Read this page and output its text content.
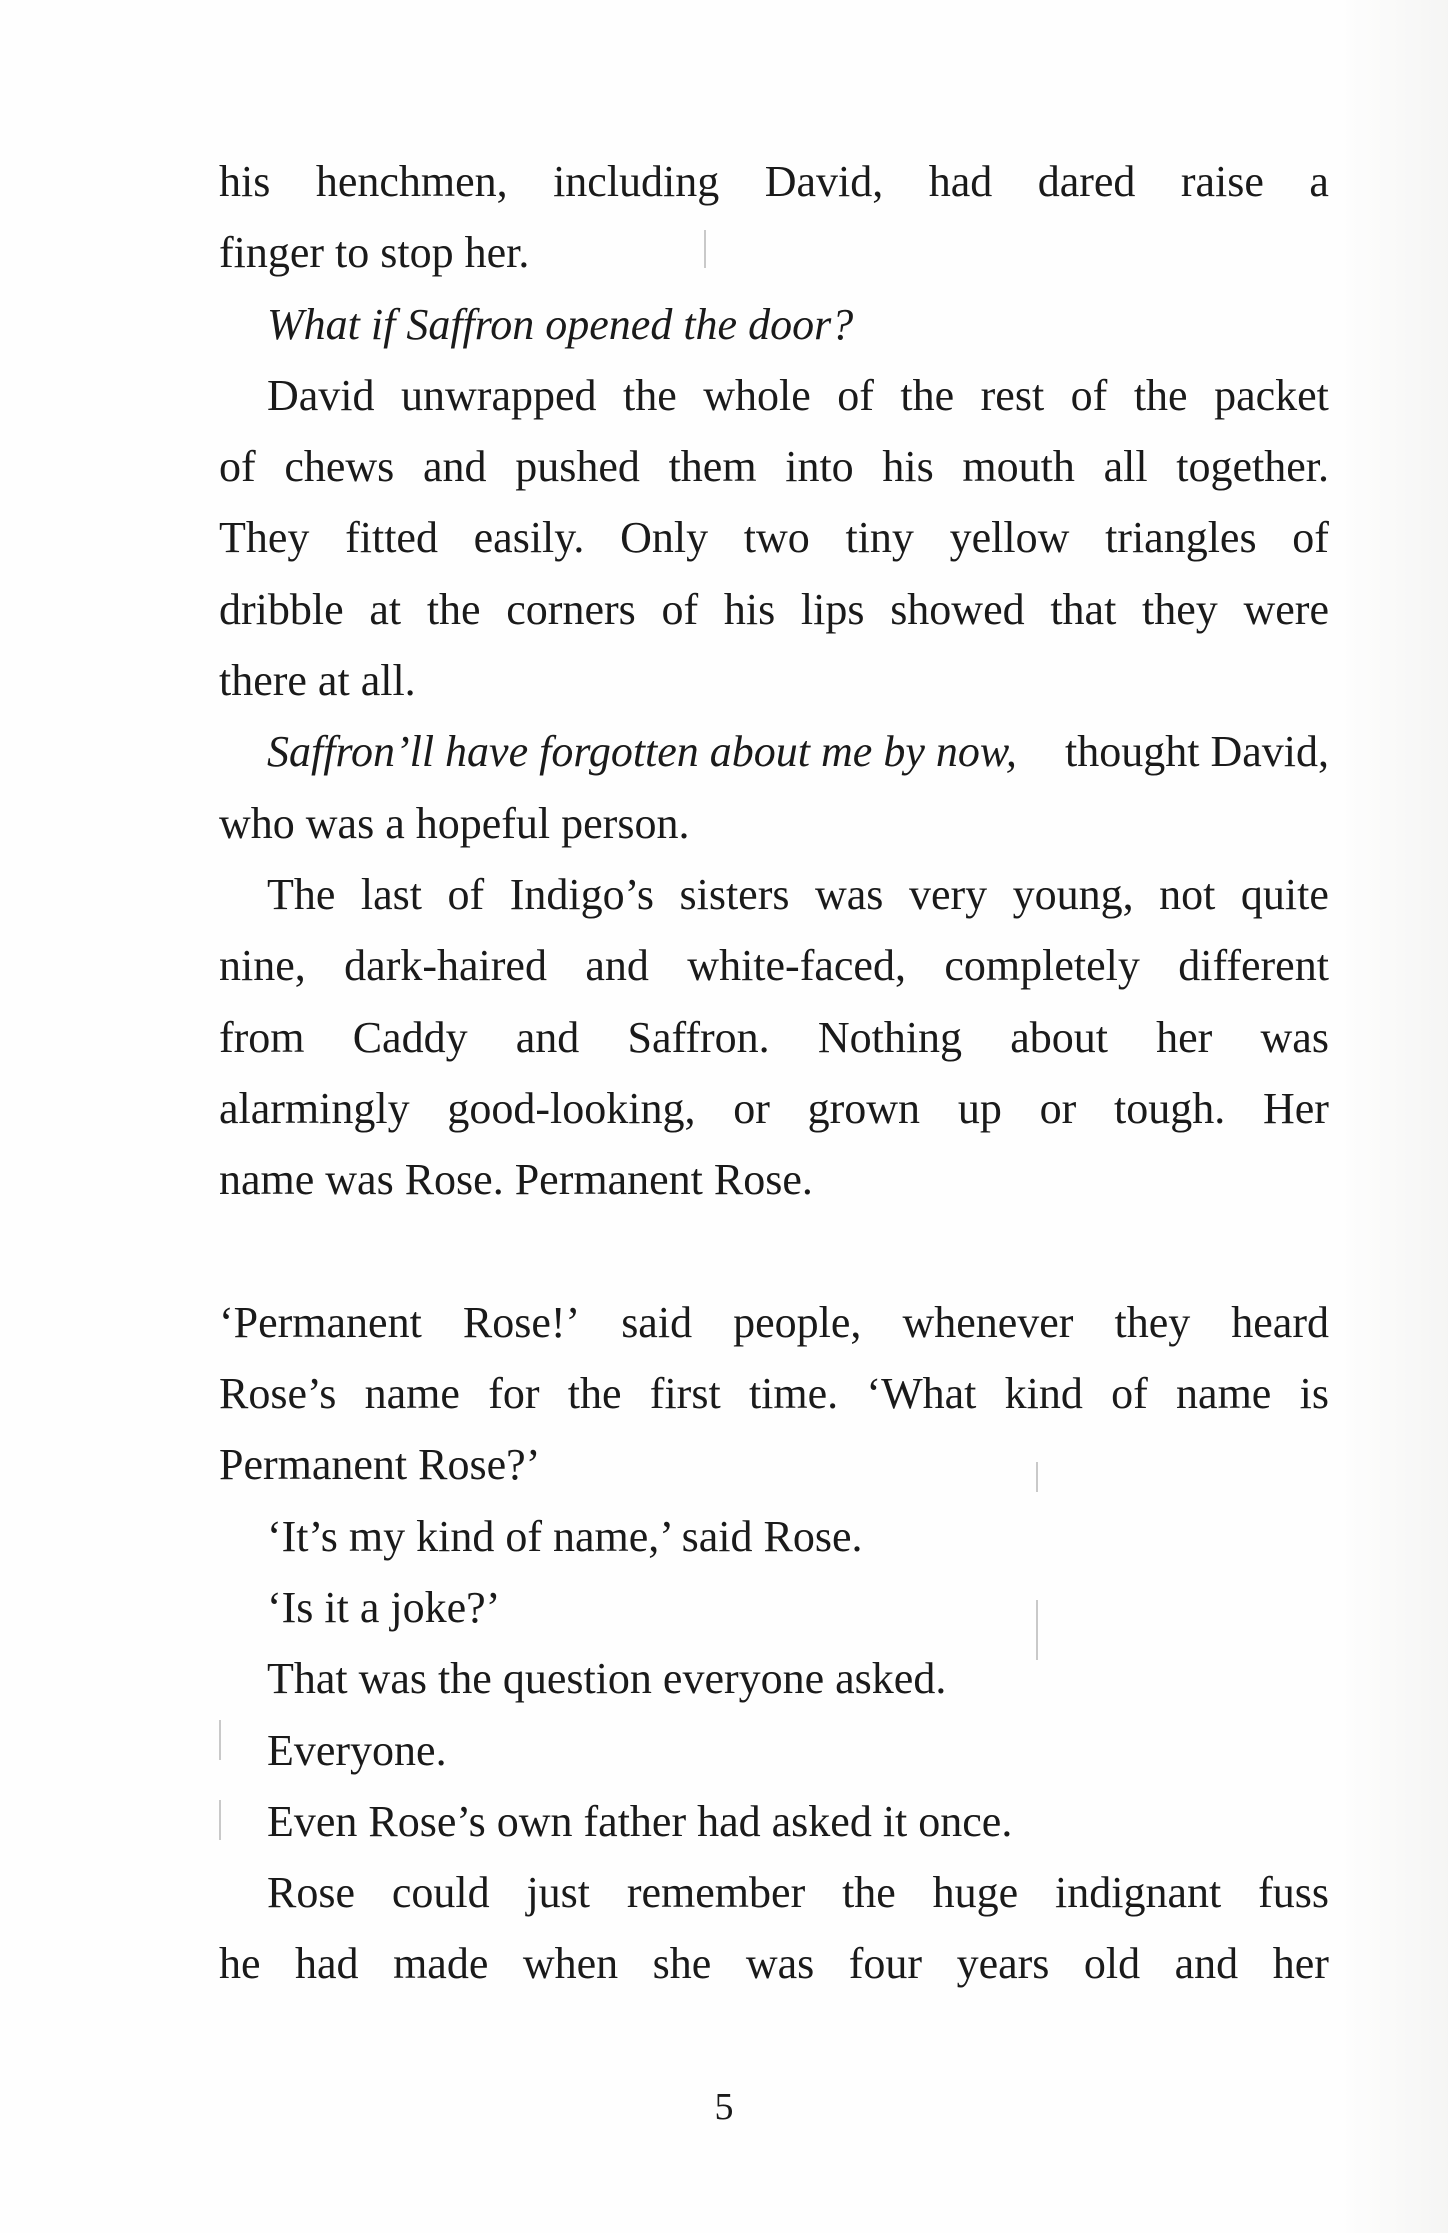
his henchmen, including David, had dared raise a
finger to stop her.
What if Saffron opened the door?
David unwrapped the whole of the rest of the packet
of chews and pushed them into his mouth all together.
They fitted easily. Only two tiny yellow triangles of
dribble at the corners of his lips showed that they were
there at all.
Saffron’ll have forgotten about me by now, thought David,
who was a hopeful person.
The last of Indigo’s sisters was very young, not quite
nine, dark-haired and white-faced, completely different
from Caddy and Saffron. Nothing about her was
alarmingly good-looking, or grown up or tough. Her
name was Rose. Permanent Rose.
‘Permanent Rose!’ said people, whenever they heard
Rose’s name for the first time. ‘What kind of name is
Permanent Rose?’
‘It’s my kind of name,’ said Rose.
‘Is it a joke?’
That was the question everyone asked.
Everyone.
Even Rose’s own father had asked it once.
Rose could just remember the huge indignant fuss
he had made when she was four years old and her
5
